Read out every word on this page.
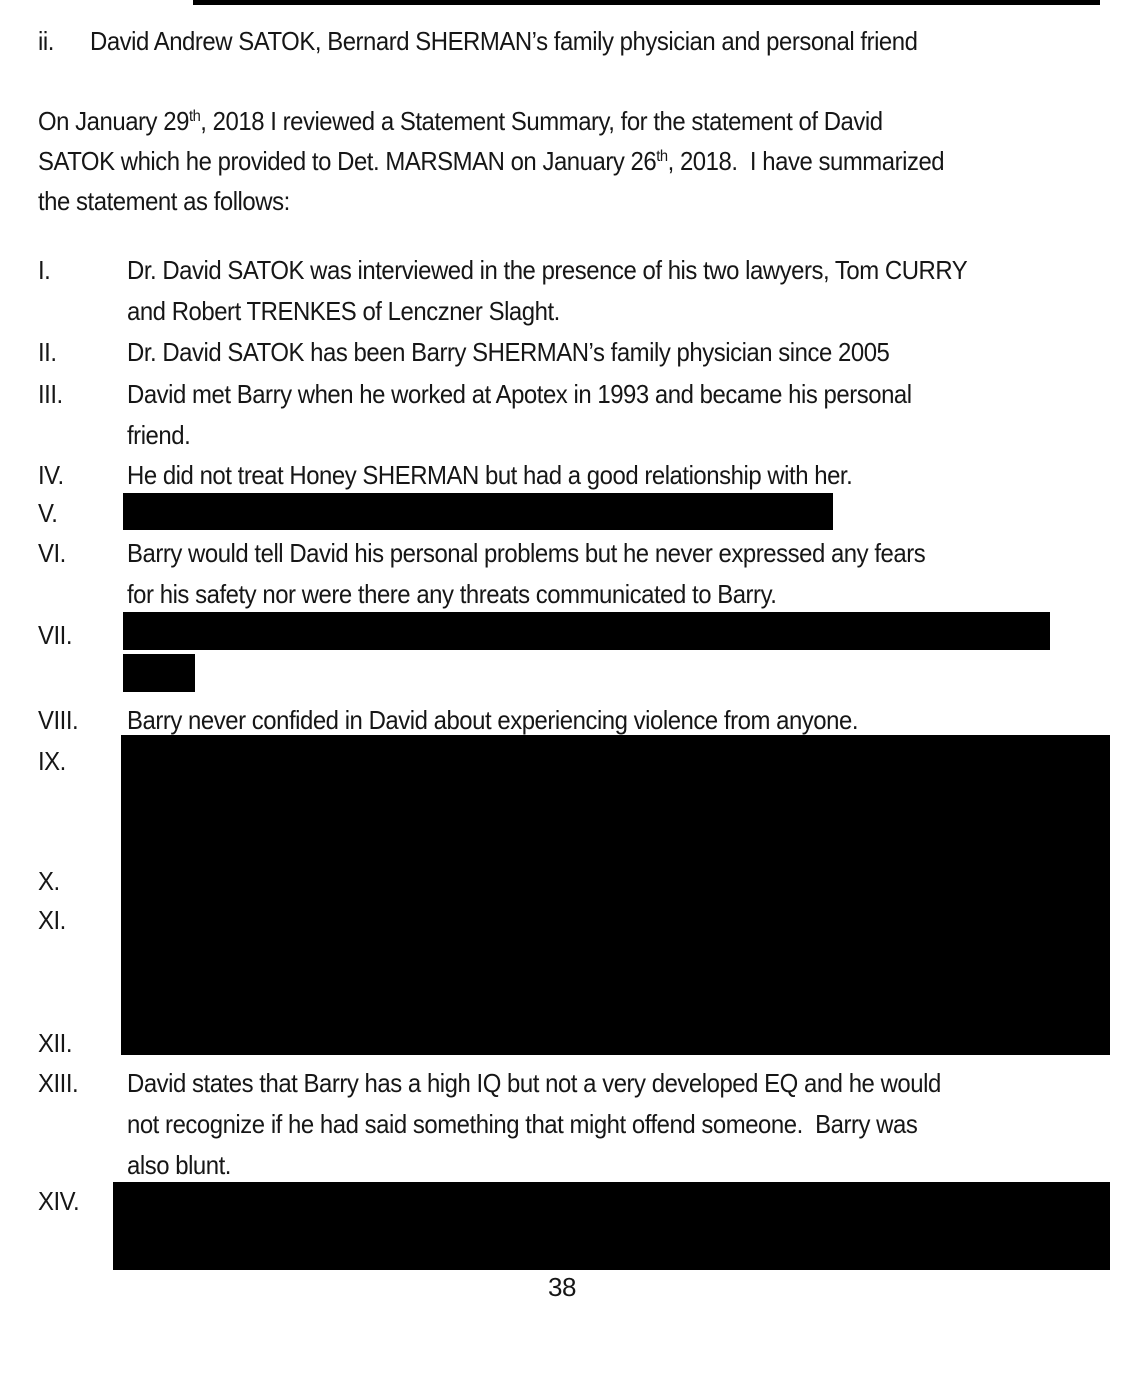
ii. David Andrew SATOK, Bernard SHERMAN’s family physician and personal friend
On January 29th, 2018 I reviewed a Statement Summary, for the statement of David
SATOK which he provided to Det. MARSMAN on January 26th, 2018.  I have summarized
the statement as follows:
I.	Dr. David SATOK was interviewed in the presence of his two lawyers, Tom CURRY
and Robert TRENKES of Lenczner Slaght.
II.	Dr. David SATOK has been Barry SHERMAN’s family physician since 2005
III. David met Barry when he worked at Apotex in 1993 and became his personal
friend.
IV. He did not treat Honey SHERMAN but had a good relationship with her.
V.
VI. Barry would tell David his personal problems but he never expressed any fears
for his safety nor were there any threats communicated to Barry.
VII.
VIII. Barry never confided in David about experiencing violence from anyone.
IX.
X.
XI.
XII.
XIII. David states that Barry has a high IQ but not a very developed EQ and he would
not recognize if he had said something that might offend someone.  Barry was
also blunt.
XIV.
38
